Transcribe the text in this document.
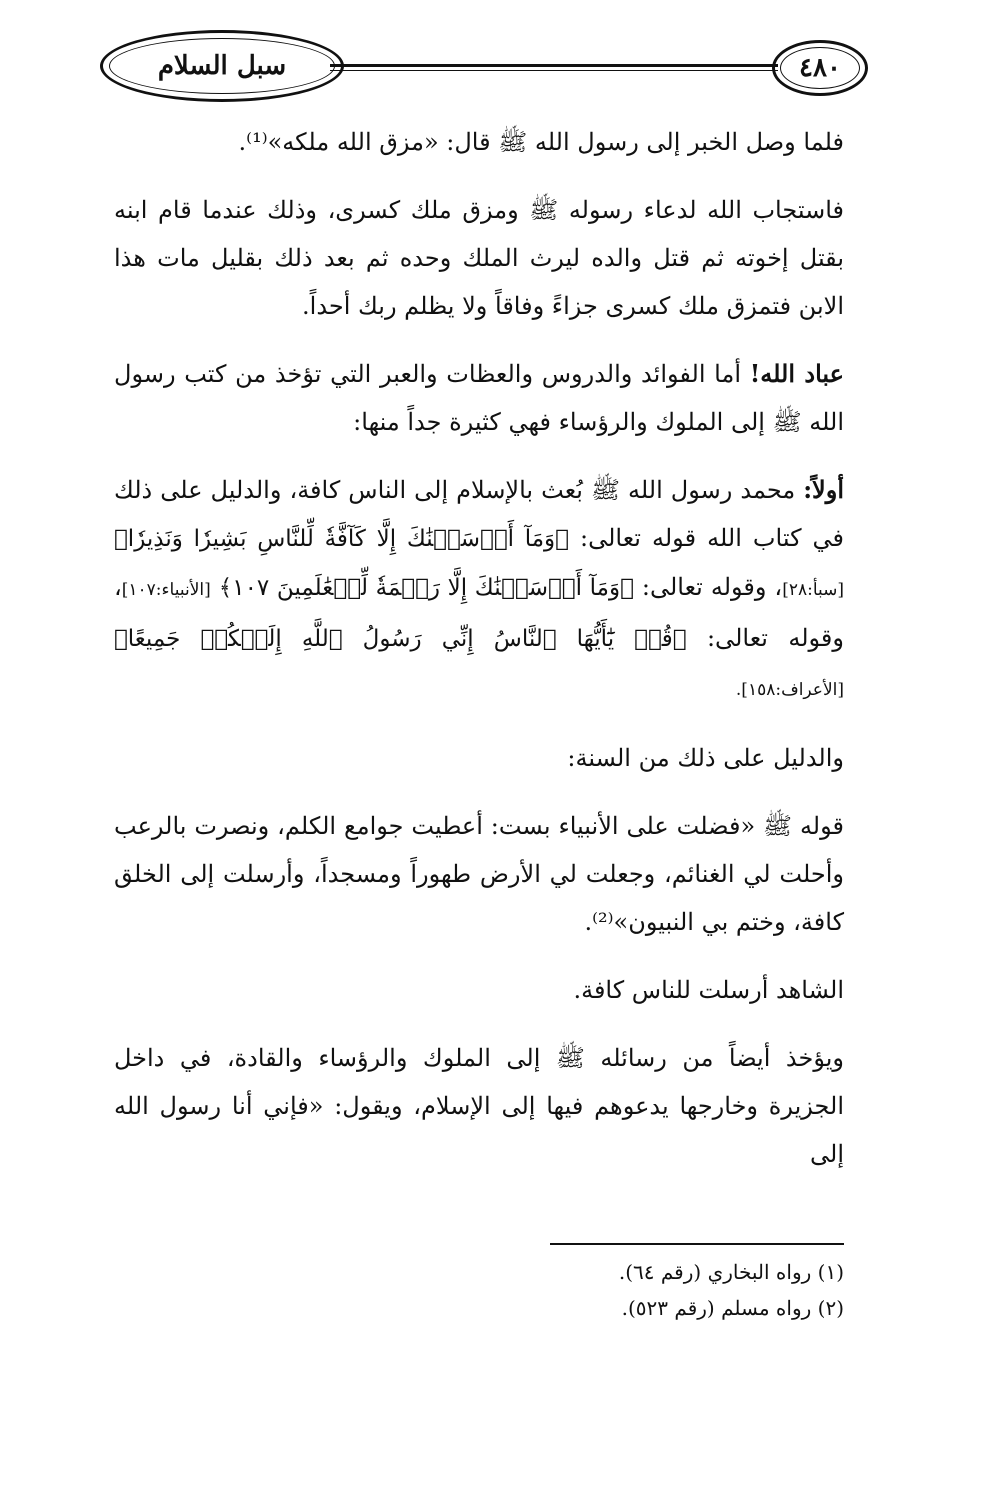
سبل السلام	٤٨٠

فلما وصل الخبر إلى رسول الله ﷺ قال: «مزق الله ملكه»⁽¹⁾.

فاستجاب الله لدعاء رسوله ﷺ ومزق ملك كسرى، وذلك عندما قام ابنه بقتل إخوته ثم قتل والده ليرث الملك وحده ثم بعد ذلك بقليل مات هذا الابن فتمزق ملك كسرى جزاءً وفاقاً ولا يظلم ربك أحداً.

عباد الله! أما الفوائد والدروس والعظات والعبر التي تؤخذ من كتب رسول الله ﷺ إلى الملوك والرؤساء فهي كثيرة جداً منها:

أولاً: محمد رسول الله ﷺ بُعث بالإسلام إلى الناس كافة، والدليل على ذلك في كتاب الله قوله تعالى: ﴿وَمَآ أَرۡسَلۡنَٰكَ إِلَّا كَآفَّةٗ لِّلنَّاسِ بَشِيرٗا وَنَذِيرٗا﴾ [سبأ:٢٨]، وقوله تعالى: ﴿وَمَآ أَرۡسَلۡنَٰكَ إِلَّا رَحۡمَةٗ لِّلۡعَٰلَمِينَ ١٠٧﴾ [الأنبياء:١٠٧]، وقوله تعالى: ﴿قُلۡ يَٰٓأَيُّهَا ٱلنَّاسُ إِنِّي رَسُولُ ٱللَّهِ إِلَيۡكُمۡ جَمِيعًا﴾ [الأعراف:١٥٨].

والدليل على ذلك من السنة:

قوله ﷺ «فضلت على الأنبياء بست: أعطيت جوامع الكلم، ونصرت بالرعب وأحلت لي الغنائم، وجعلت لي الأرض طهوراً ومسجداً، وأرسلت إلى الخلق كافة، وختم بي النبيون»⁽²⁾.

الشاهد أرسلت للناس كافة.

ويؤخذ أيضاً من رسائله ﷺ إلى الملوك والرؤساء والقادة، في داخل الجزيرة وخارجها يدعوهم فيها إلى الإسلام، ويقول: «فإني أنا رسول الله إلى

(١) رواه البخاري (رقم ٦٤).
(٢) رواه مسلم (رقم ٥٢٣).
